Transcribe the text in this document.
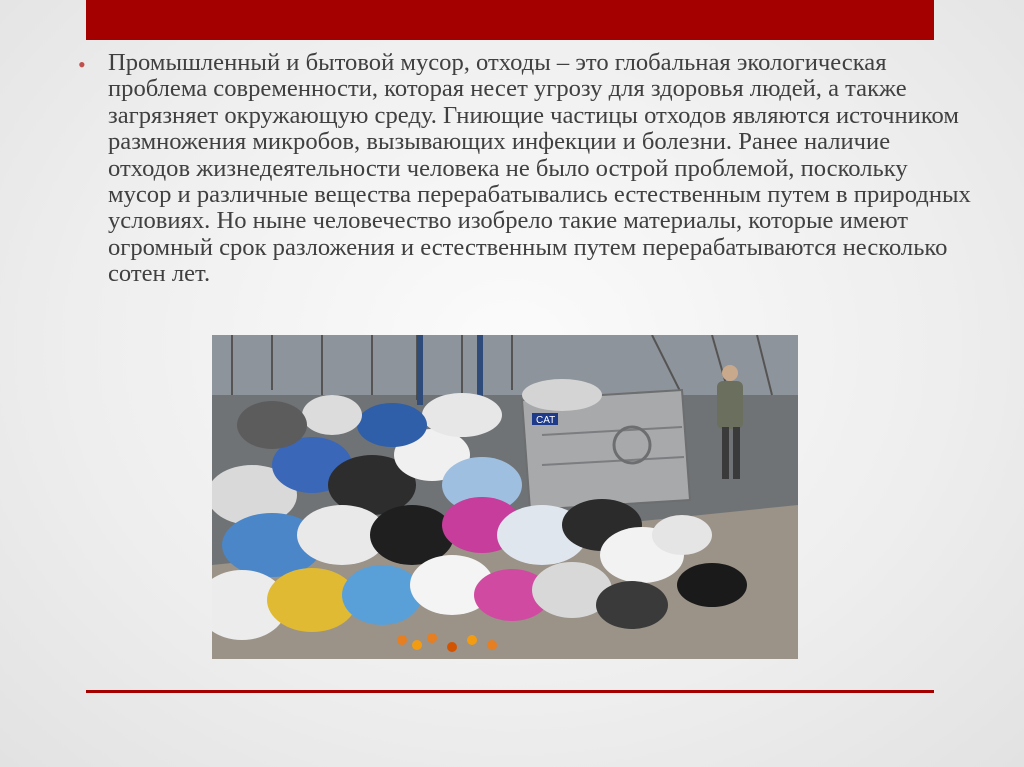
• Промышленный и бытовой мусор, отходы – это глобальная экологическая проблема современности, которая несет угрозу для здоровья людей, а также загрязняет окружающую среду. Гниющие частицы отходов являются источником размножения микробов, вызывающих инфекции и болезни. Ранее наличие отходов жизнедеятельности человека не было острой проблемой, поскольку мусор и различные вещества перерабатывались естественным путем в природных условиях. Но ныне человечество изобрело такие материалы, которые имеют огромный срок разложения и естественным путем перерабатываются несколько сотен лет.

CAT
